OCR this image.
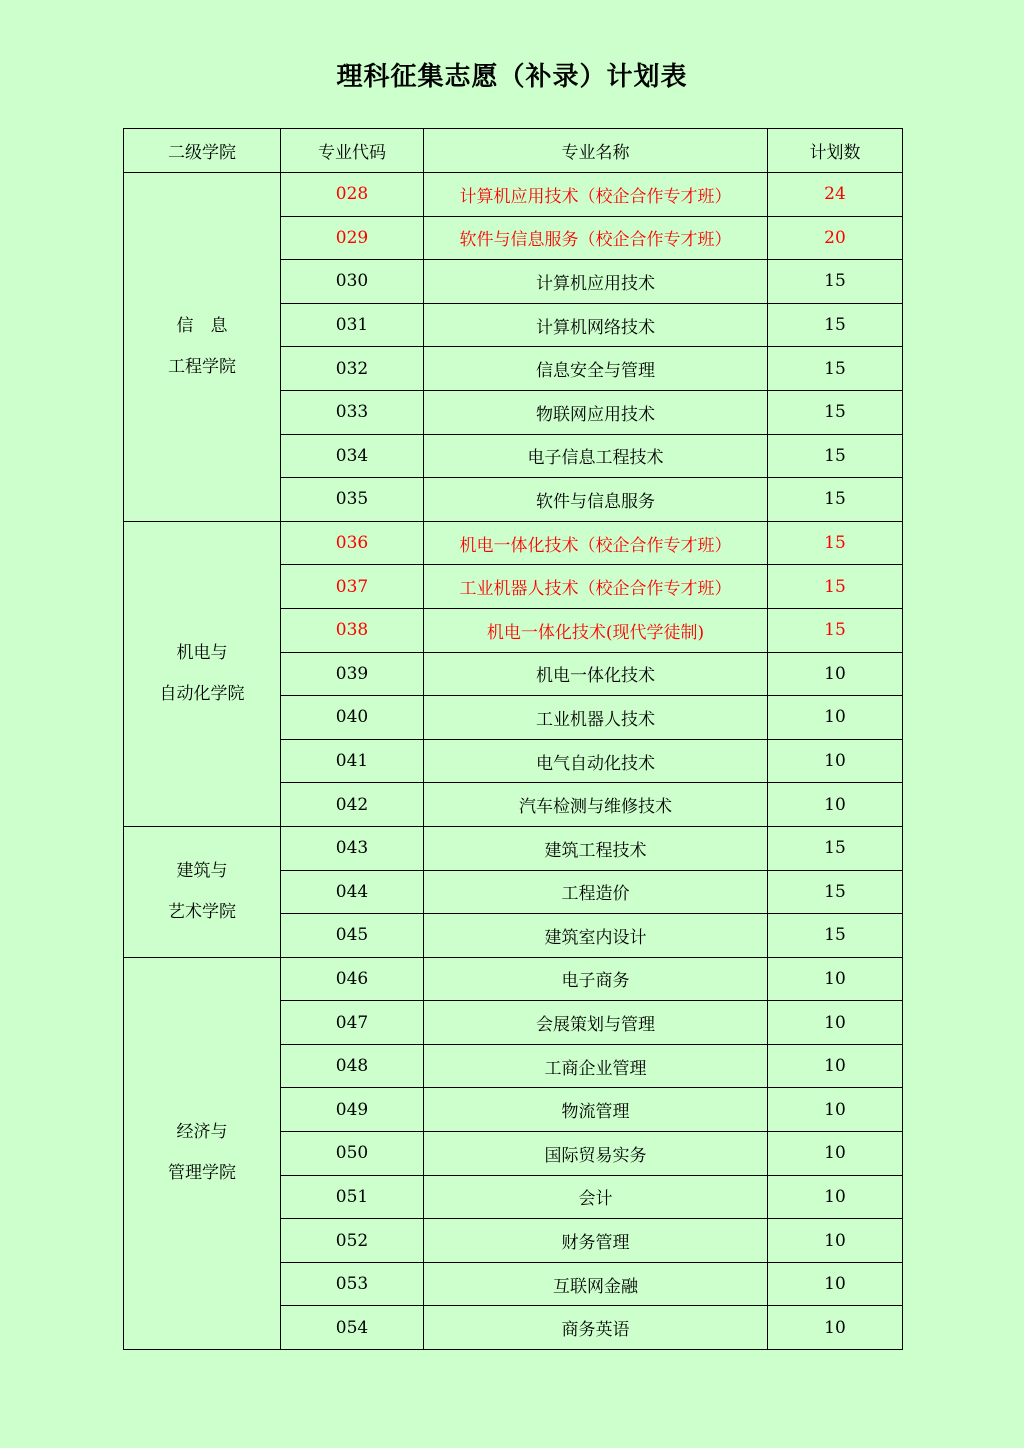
理科征集志愿（补录）计划表
二级学院	专业代码	专业名称	计划数

信　息
工程学院	028	计算机应用技术（校企合作专才班）	24
	029	软件与信息服务（校企合作专才班）	20
	030	计算机应用技术	15
	031	计算机网络技术	15
	032	信息安全与管理	15
	033	物联网应用技术	15
	034	电子信息工程技术	15
	035	软件与信息服务	15

机电与
自动化学院	036	机电一体化技术（校企合作专才班）	15
	037	工业机器人技术（校企合作专才班）	15
	038	机电一体化技术(现代学徒制)	15
	039	机电一体化技术	10
	040	工业机器人技术	10
	041	电气自动化技术	10
	042	汽车检测与维修技术	10

建筑与
艺术学院	043	建筑工程技术	15
	044	工程造价	15
	045	建筑室内设计	15

经济与
管理学院	046	电子商务	10
	047	会展策划与管理	10
	048	工商企业管理	10
	049	物流管理	10
	050	国际贸易实务	10
	051	会计	10
	052	财务管理	10
	053	互联网金融	10
	054	商务英语	10
